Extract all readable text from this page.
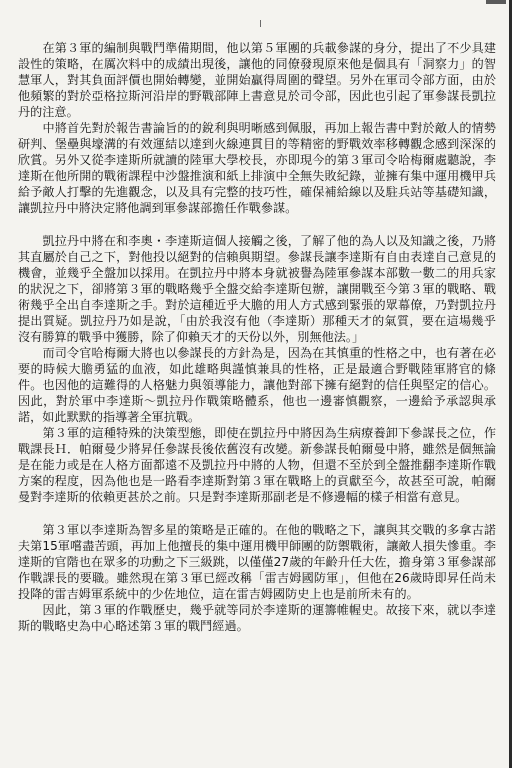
　　在第３軍的編制與戰鬥準備期間，他以第５軍團的兵載參謀的身分，提出了不少具建設性的策略，在厲次料中的成績出現後，讓他的同僚發現原來他是個具有「洞察力」的智慧軍人，對其負面評價也開始轉變，並開始贏得周圍的聲望。另外在軍司令部方面，由於他頻繁的對於亞格拉斯河沿岸的野戰部陣上書意見於司令部，因此也引起了軍參謀長凱拉丹的注意。

　　中將首先對於報告書論旨的的銳利與明晰感到佩服，再加上報告書中對於敵人的情勢研判、堡壘與壕溝的有效運結以達到火線連貫目的等精密的野戰效率移轉觀念感到深深的欣賞。另外又從李達斯所就讀的陸軍大學校長，亦即現今的第３軍司令哈梅爾處聽說，李達斯在他所開的戰術課程中沙盤推演和紙上排演中全無失敗紀錄，並擁有集中運用機甲兵給予敵人打擊的先進觀念，以及具有完整的技巧性，確保補給線以及駐兵站等基礎知識，讓凱拉丹中將決定將他調到軍參謀部擔任作戰參謀。

　　凱拉丹中將在和李奧・李達斯這個人接觸之後，了解了他的為人以及知識之後，乃將其直屬於自己之下，對他投以絕對的信賴與期望。參謀長讓李達斯有自由表達自己意見的機會，並幾乎全盤加以採用。在凱拉丹中將本身就被譽為陸軍參謀本部數一數二的用兵家的狀況之下，卻將第３軍的戰略幾乎全盤交給李達斯包辦，讓開戰至今第３軍的戰略、戰術幾乎全出自李達斯之手。對於這種近乎大膽的用人方式感到緊張的眾幕僚，乃對凱拉丹提出質疑。凱拉丹乃如是說，「由於我沒有他（李達斯）那種天才的氣質，要在這場幾乎沒有勝算的戰爭中獲勝，除了仰賴天才的天份以外，別無他法。」

　　而司令官哈梅爾大將也以參謀長的方針為是，因為在其慎重的性格之中，也有著在必要的時候大膽勇猛的血液，如此雄略與謹慎兼具的性格，正是最適合野戰陸軍將官的條件。也因他的這難得的人格魅力與領導能力，讓他對部下擁有絕對的信任與堅定的信心。因此，對於軍中李達斯～凱拉丹作戰策略體系，他也一邊審慎觀察，一邊給予承認與承諾，如此默默的指導著全軍抗戰。

　　第３軍的這種特殊的決策型態，即使在凱拉丹中將因為生病療養卸下參謀長之位，作戰課長Ｈ．帕爾曼少將昇任參謀長後依舊沒有改變。新參謀長帕爾曼中將，雖然是個無論是在能力或是在人格方面都遠不及凱拉丹中將的人物，但還不至於到全盤推翻李達斯作戰方案的程度，因為他也是一路看李達斯對第３軍在戰略上的貢獻至今，故甚至可說，帕爾曼對李達斯的依賴更甚於之前。只是對李達斯那副老是不修邊幅的樣子相當有意見。

　　第３軍以李達斯為智多星的策略是正確的。在他的戰略之下，讓與其交戰的多拿古諾夫第15軍嚐盡苦頭，再加上他擅長的集中運用機甲師團的防禦戰術，讓敵人損失慘重。李達斯的官階也在眾多的功勳之下三級跳，以僅僅27歲的年齡升任大佐，擔身第３軍參謀部作戰課長的要職。雖然現在第３軍已經改稱「雷吉姆國防軍」，但他在26歲時即昇任尚未投降的雷吉姆軍系統中的少佐地位，這在雷吉姆國防史上也是前所未有的。

　　因此，第３軍的作戰歷史，幾乎就等同於李達斯的運籌帷幄史。故接下來，就以李達斯的戰略史為中心略述第３軍的戰鬥經過。
